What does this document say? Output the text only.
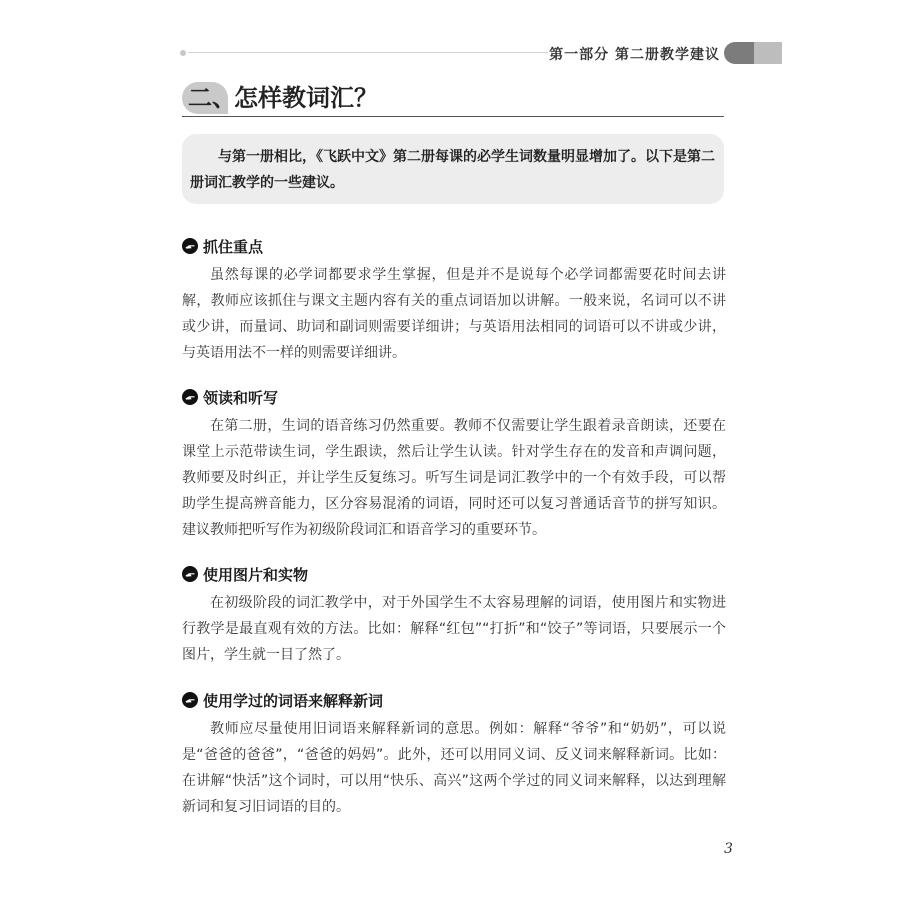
第一部分 第二册教学建议
二、
怎样教词汇？

与第一册相比，《飞跃中文》第二册每课的必学生词数量明显增加了。以下是第二册词汇教学的一些建议。

抓住重点

虽然每课的必学词都要求学生掌握，但是并不是说每个必学词都需要花时间去讲解，教师应该抓住与课文主题内容有关的重点词语加以讲解。一般来说，名词可以不讲或少讲，而量词、助词和副词则需要详细讲；与英语用法相同的词语可以不讲或少讲，与英语用法不一样的则需要详细讲。

领读和听写

在第二册，生词的语音练习仍然重要。教师不仅需要让学生跟着录音朗读，还要在课堂上示范带读生词，学生跟读，然后让学生认读。针对学生存在的发音和声调问题，教师要及时纠正，并让学生反复练习。听写生词是词汇教学中的一个有效手段，可以帮助学生提高辨音能力，区分容易混淆的词语，同时还可以复习普通话音节的拼写知识。建议教师把听写作为初级阶段词汇和语音学习的重要环节。

使用图片和实物

在初级阶段的词汇教学中，对于外国学生不太容易理解的词语，使用图片和实物进行教学是最直观有效的方法。比如：解释“红包”“打折”和“饺子”等词语，只要展示一个图片，学生就一目了然了。

使用学过的词语来解释新词

教师应尽量使用旧词语来解释新词的意思。例如：解释“爷爷”和“奶奶”，可以说是“爸爸的爸爸”，“爸爸的妈妈”。此外，还可以用同义词、反义词来解释新词。比如：在讲解“快活”这个词时，可以用“快乐、高兴”这两个学过的同义词来解释，以达到理解新词和复习旧词语的目的。

3
